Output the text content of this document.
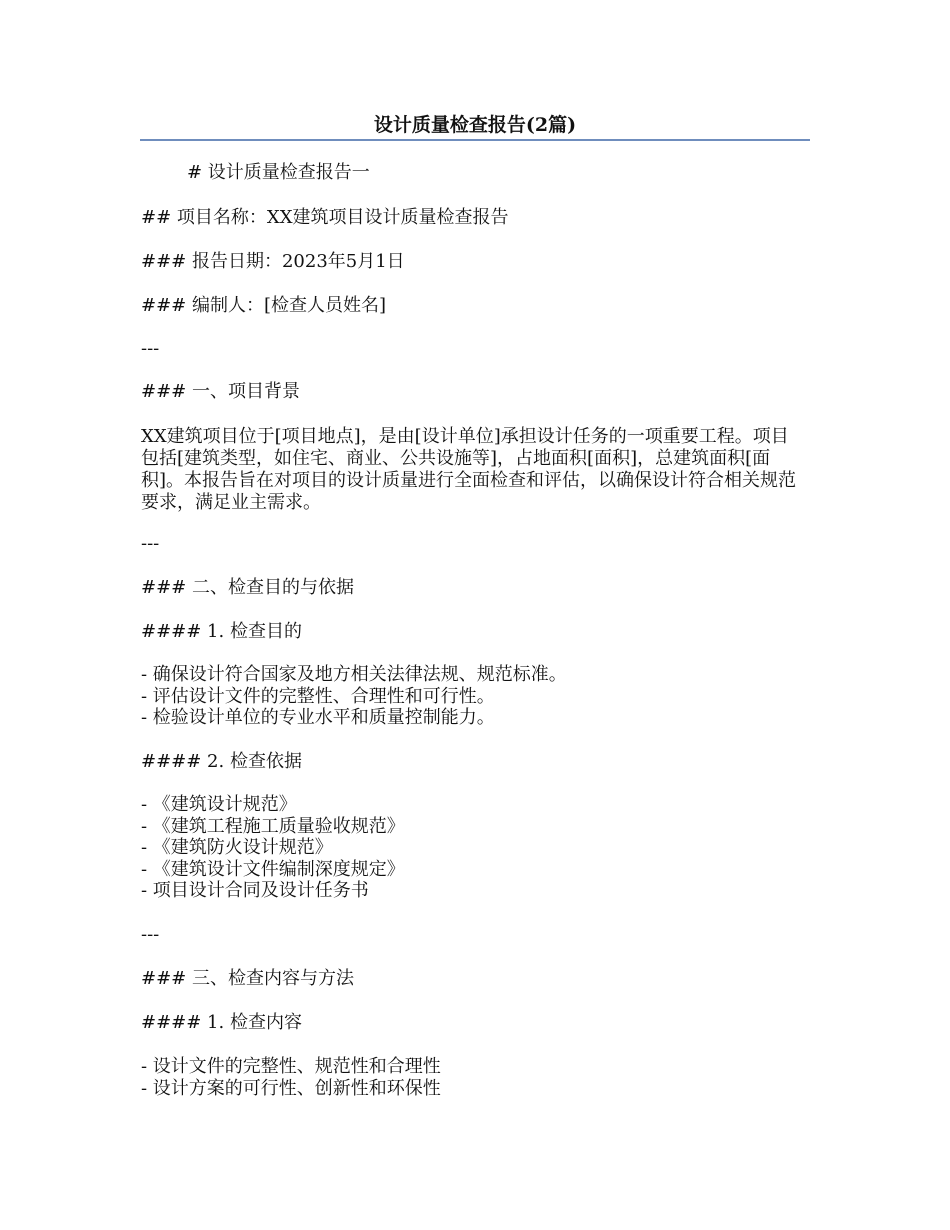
设计质量检查报告(2篇)
# 设计质量检查报告一
## 项目名称：XX建筑项目设计质量检查报告
### 报告日期：2023年5月1日
### 编制人：[检查人员姓名]
---
### 一、项目背景
XX建筑项目位于[项目地点]，是由[设计单位]承担设计任务的一项重要工程。项目包括[建筑类型，如住宅、商业、公共设施等]，占地面积[面积]，总建筑面积[面积]。本报告旨在对项目的设计质量进行全面检查和评估，以确保设计符合相关规范要求，满足业主需求。
---
### 二、检查目的与依据
#### 1. 检查目的
- 确保设计符合国家及地方相关法律法规、规范标准。
- 评估设计文件的完整性、合理性和可行性。
- 检验设计单位的专业水平和质量控制能力。
#### 2. 检查依据
- 《建筑设计规范》
- 《建筑工程施工质量验收规范》
- 《建筑防火设计规范》
- 《建筑设计文件编制深度规定》
- 项目设计合同及设计任务书
---
### 三、检查内容与方法
#### 1. 检查内容
- 设计文件的完整性、规范性和合理性
- 设计方案的可行性、创新性和环保性
